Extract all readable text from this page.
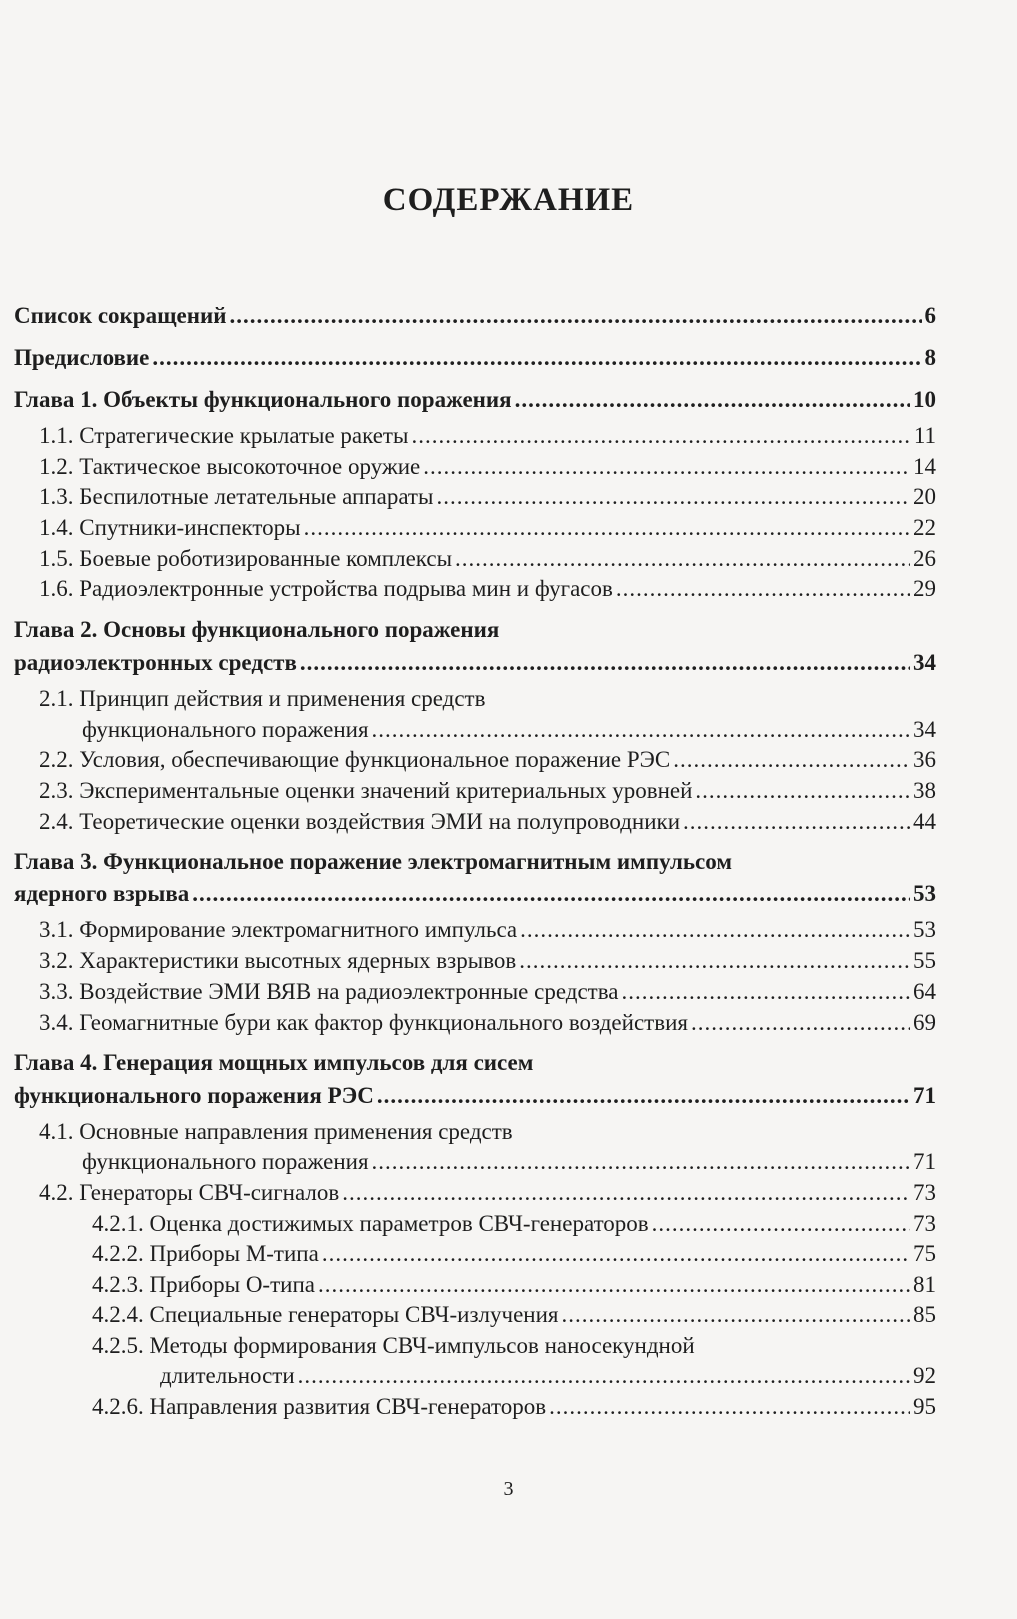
СОДЕРЖАНИЕ
Список сокращений .....	6
Предисловие .....	8
Глава 1. Объекты функционального поражения .....	10
1.1. Стратегические крылатые ракеты .....	11
1.2. Тактическое высокоточное оружие .....	14
1.3. Беспилотные летательные аппараты .....	20
1.4. Спутники-инспекторы .....	22
1.5. Боевые роботизированные комплексы .....	26
1.6. Радиоэлектронные устройства подрыва мин и фугасов .....	29
Глава 2. Основы функционального поражения
радиоэлектронных средств .....	34
2.1. Принцип действия и применения средств
функционального поражения .....	34
2.2. Условия, обеспечивающие функциональное поражение РЭС .....	36
2.3. Экспериментальные оценки значений критериальных уровней .....	38
2.4. Теоретические оценки воздействия ЭМИ на полупроводники .....	44
Глава 3. Функциональное поражение электромагнитным импульсом
ядерного взрыва .....	53
3.1. Формирование электромагнитного импульса .....	53
3.2. Характеристики высотных ядерных взрывов .....	55
3.3. Воздействие ЭМИ ВЯВ на радиоэлектронные средства .....	64
3.4. Геомагнитные бури как фактор функционального воздействия .....	69
Глава 4. Генерация мощных импульсов для сисем
функционального поражения РЭС .....	71
4.1. Основные направления применения средств
функционального поражения .....	71
4.2. Генераторы СВЧ-сигналов .....	73
4.2.1. Оценка достижимых параметров СВЧ-генераторов .....	73
4.2.2. Приборы М-типа .....	75
4.2.3. Приборы О-типа .....	81
4.2.4. Специальные генераторы СВЧ-излучения .....	85
4.2.5. Методы формирования СВЧ-импульсов наносекундной
длительности .....	92
4.2.6. Направления развития СВЧ-генераторов .....	95
3
